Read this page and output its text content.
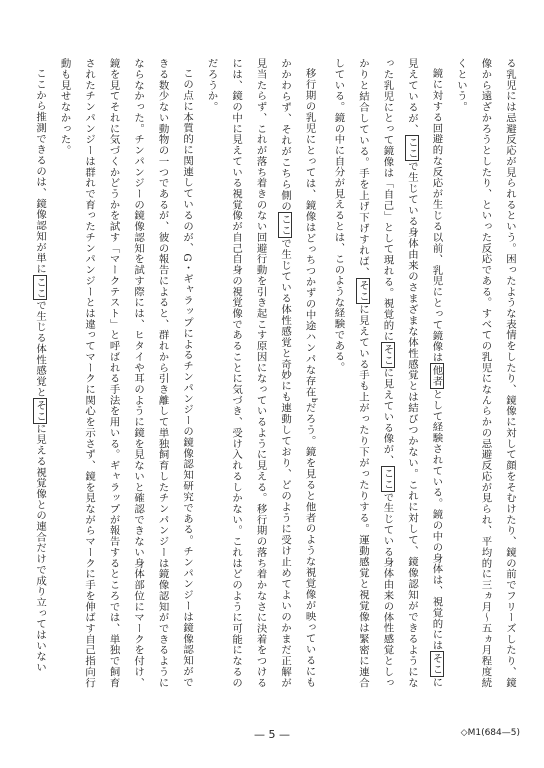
る乳児には忌避反応が見られるという。困ったような表情をしたり、鏡像に対して顔をそむけたり、鏡の前でフリーズしたり、鏡像から遠ざかろうとしたり、といった反応である。すべての乳児になんらかの忌避反応が見られ、平均的に三ヵ月〜五ヵ月程度続くという。

鏡に対する回避的な反応が生じる以前、乳児にとって鏡像は他者として経験されている。鏡の中の身体は、視覚的にはそこに見えているが、ここで生じている身体由来のさまざまな体性感覚とは結びつかない。これに対して、鏡像認知ができるようになった乳児にとって鏡像は「自己」として現れる。視覚的にそこに見えている像が、ここで生じている身体由来の体性感覚としっかりと結合している。手を上げ下げすれば、そこに見えている手も上がったり下がったりする。運動感覚と視覚像は緊密に連合している。鏡の中に自分が見えるとは、このような経験である。

移行期の乳児にとっては、鏡像はどっちつかずの中途ハンパな存在$^b$だろう。鏡を見ると他者のような視覚像が映っているにもかかわらず、それがこちら側のここで生じている体性感覚と奇妙にも連動しており、どのように受け止めてよいのかまだ正解が見当たらず、これが落ち着きのない回避行動を引き起こす原因になっているように見える。移行期の落ち着かなさに決着をつけるには、鏡の中に見えている視覚像が自己自身の視覚像であることに気づき、受け入れるしかない。これはどのように可能になるのだろうか。

この点に本質的に関連しているのが、G・ギャラップによるチンパンジーの鏡像認知研究である。チンパンジーは鏡像認知ができる数少ない動物の一つであるが、彼の報告によると、群れから引き離して単独飼育したチンパンジーは鏡像認知ができるようにならなかった。チンパンジーの鏡像認知を試す際には、ヒタイや耳のように鏡を見ないと確認できない身体部位にマークを付け、鏡を見てそれに気づくかどうかを試す「マークテスト」と呼ばれる手法を用いる。ギャラップが報告するところでは、単独で飼育されたチンパンジーは群れで育ったチンパンジーとは違ってマークに関心を示さず、鏡を見ながらマークに手を伸ばす自己指向行動も見せなかった。

ここから推測できるのは、鏡像認知が単にここで生じる体性感覚とそこに見える視覚像との連合だけで成り立ってはいない

— 5 —	◇M1(684—5)
